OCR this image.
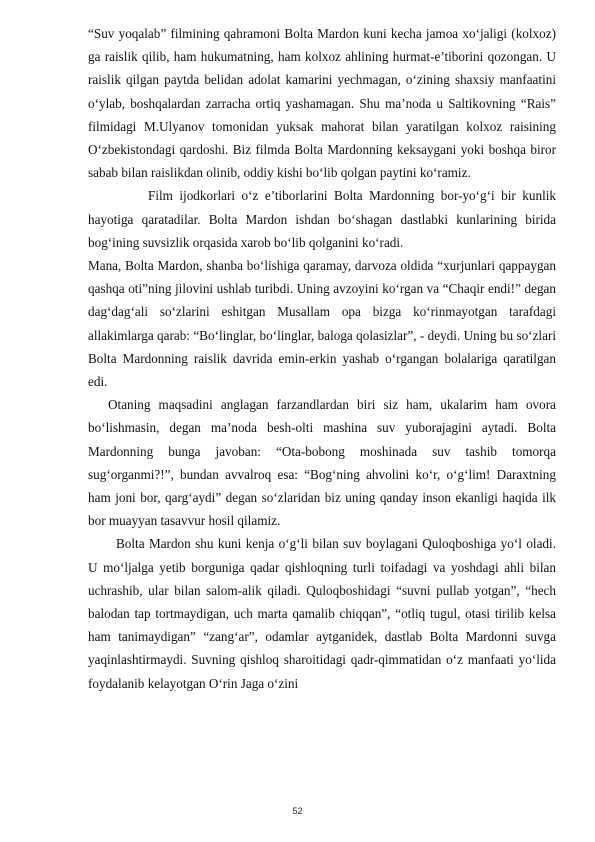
“Suv yoqalab” filmining qahramoni Bolta Mardon kuni kecha jamoa xo‘jaligi (kolxoz) ga raislik qilib, ham hukumatning, ham kolxoz ahlining hurmat-e’tiborini qozongan. U raislik qilgan paytda belidan adolat kamarini yechmagan, o‘zining shaxsiy manfaatini o‘ylab, boshqalardan zarracha ortiq yashamagan. Shu ma’noda u Saltikovning “Rais” filmidagi M.Ulyanov tomonidan yuksak mahorat bilan yaratilgan kolxoz raisining O‘zbekistondagi qardoshi. Biz filmda Bolta Mardonning keksaygani yoki boshqa biror sabab bilan raislikdan olinib, oddiy kishi bo‘lib qolgan paytini ko‘ramiz.

Film ijodkorlari o‘z e’tiborlarini Bolta Mardonning bor-yo‘g‘i bir kunlik hayotiga qaratadilar. Bolta Mardon ishdan bo‘shagan dastlabki kunlarining birida bog‘ining suvsizlik orqasida xarob bo‘lib qolganini ko‘radi.

Mana, Bolta Mardon, shanba bo‘lishiga qaramay, darvoza oldida “xurjunlari qappaygan qashqa oti”ning jilovini ushlab turibdi. Uning avzoyini ko‘rgan va “Chaqir endi!” degan dag‘dag‘ali so‘zlarini eshitgan Musallam opa bizga ko‘rinmayotgan tarafdagi allakimlarga qarab: “Bo‘linglar, bo‘linglar, baloga qolasizlar”, - deydi. Uning bu so‘zlari Bolta Mardonning raislik davrida emin-erkin yashab o‘rgangan bolalariga qaratilgan edi.

Otaning maqsadini anglagan farzandlardan biri siz ham, ukalarim ham ovora bo‘lishmasin, degan ma’noda besh-olti mashina suv yuborajagini aytadi. Bolta Mardonning bunga javoban: “Ota-bobong moshinada suv tashib tomorqa sug‘organmi?!”, bundan avvalroq esa: “Bog‘ning ahvolini ko‘r, o‘g‘lim! Daraxtning ham joni bor, qarg‘aydi” degan so‘zlaridan biz uning qanday inson ekanligi haqida ilk bor muayyan tasavvur hosil qilamiz.

Bolta Mardon shu kuni kenja o‘g‘li bilan suv boylagani Quloqboshiga yo‘l oladi. U mo‘ljalga yetib borguniga qadar qishloqning turli toifadagi va yoshdagi ahli bilan uchrashib, ular bilan salom-alik qiladi. Quloqboshidagi “suvni pullab yotgan”, “hech balodan tap tortmaydigan, uch marta qamalib chiqqan”, “otliq tugul, otasi tirilib kelsa ham tanimaydigan” “zang‘ar”, odamlar aytganidek, dastlab Bolta Mardonni suvga yaqinlashtirmaydi. Suvning qishloq sharoitidagi qadr-qimmatidan o‘z manfaati yo‘lida foydalanib kelayotgan O‘rin Jaga o‘zini

52
